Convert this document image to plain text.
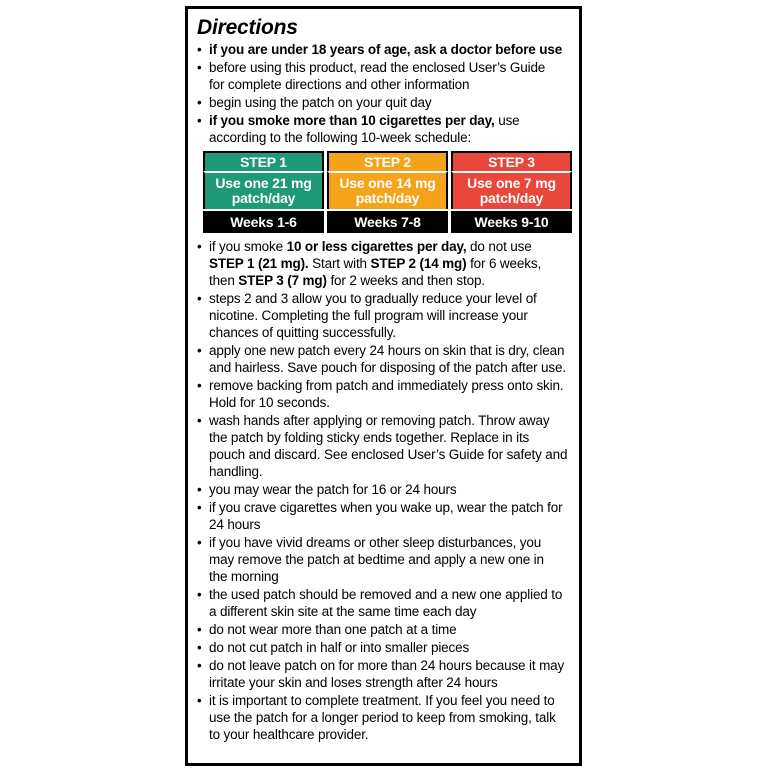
Directions
• if you are under 18 years of age, ask a doctor before use
• before using this product, read the enclosed User’s Guide
for complete directions and other information
• begin using the patch on your quit day
• if you smoke more than 10 cigarettes per day, use
according to the following 10-week schedule:
STEP 1
Use one 21 mg
patch/day
Weeks 1-6
STEP 2
Use one 14 mg
patch/day
Weeks 7-8
STEP 3
Use one 7 mg
patch/day
Weeks 9-10
• if you smoke 10 or less cigarettes per day, do not use
STEP 1 (21 mg). Start with STEP 2 (14 mg) for 6 weeks,
then STEP 3 (7 mg) for 2 weeks and then stop.
• steps 2 and 3 allow you to gradually reduce your level of
nicotine. Completing the full program will increase your
chances of quitting successfully.
• apply one new patch every 24 hours on skin that is dry, clean
and hairless. Save pouch for disposing of the patch after use.
• remove backing from patch and immediately press onto skin.
Hold for 10 seconds.
• wash hands after applying or removing patch. Throw away
the patch by folding sticky ends together. Replace in its
pouch and discard. See enclosed User’s Guide for safety and
handling.
• you may wear the patch for 16 or 24 hours
• if you crave cigarettes when you wake up, wear the patch for
24 hours
• if you have vivid dreams or other sleep disturbances, you
may remove the patch at bedtime and apply a new one in
the morning
• the used patch should be removed and a new one applied to
a different skin site at the same time each day
• do not wear more than one patch at a time
• do not cut patch in half or into smaller pieces
• do not leave patch on for more than 24 hours because it may
irritate your skin and loses strength after 24 hours
• it is important to complete treatment. If you feel you need to
use the patch for a longer period to keep from smoking, talk
to your healthcare provider.
